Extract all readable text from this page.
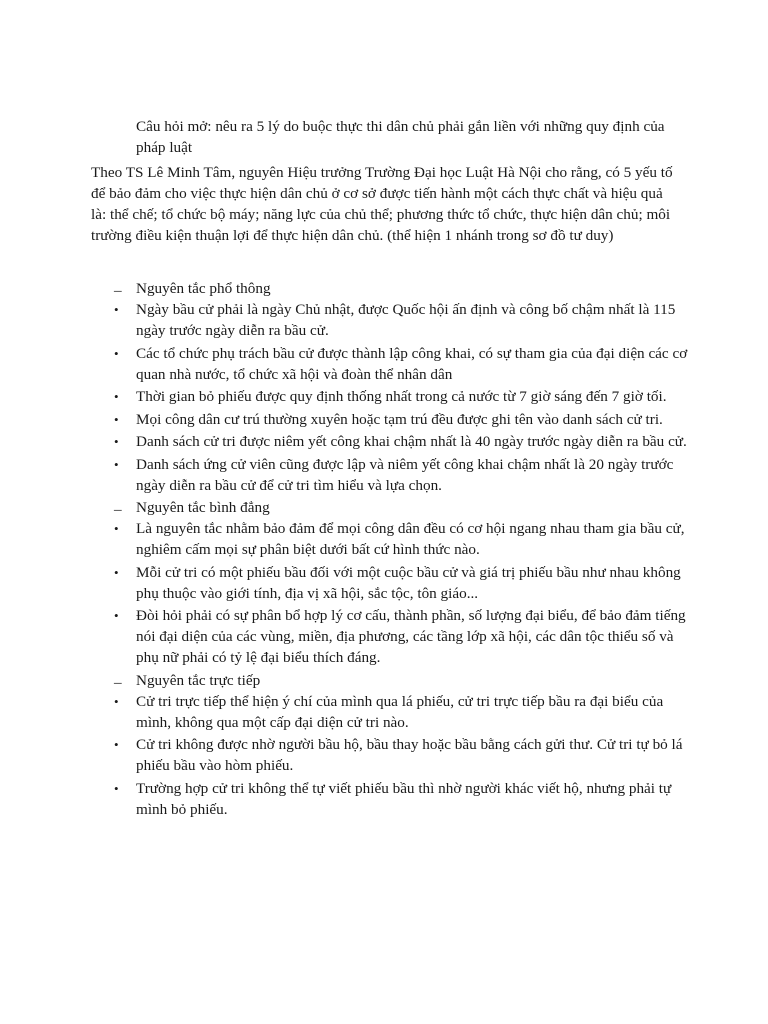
Câu hỏi mở: nêu ra 5 lý do buộc thực thi dân chủ phải gắn liền với những quy định của pháp luật

Theo TS Lê Minh Tâm, nguyên Hiệu trưởng Trường Đại học Luật Hà Nội cho rằng, có 5 yếu tố để bảo đảm cho việc thực hiện dân chủ ở cơ sở được tiến hành một cách thực chất và hiệu quả là: thể chế; tổ chức bộ máy; năng lực của chủ thể; phương thức tổ chức, thực hiện dân chủ; môi trường điều kiện thuận lợi để thực hiện dân chủ. (thể hiện 1 nhánh trong sơ đồ tư duy)

_ Nguyên tắc phổ thông
•	Ngày bầu cử phải là ngày Chủ nhật, được Quốc hội ấn định và công bố chậm nhất là 115 ngày trước ngày diễn ra bầu cử.
•	Các tổ chức phụ trách bầu cử được thành lập công khai, có sự tham gia của đại diện các cơ quan nhà nước, tổ chức xã hội và đoàn thể nhân dân
•	Thời gian bỏ phiếu được quy định thống nhất trong cả nước từ 7 giờ sáng đến 7 giờ tối.
•	Mọi công dân cư trú thường xuyên hoặc tạm trú đều được ghi tên vào danh sách cử tri.
•	Danh sách cử tri được niêm yết công khai chậm nhất là 40 ngày trước ngày diễn ra bầu cử.
•	Danh sách ứng cử viên cũng được lập và niêm yết công khai chậm nhất là 20 ngày trước ngày diễn ra bầu cử để cử tri tìm hiểu và lựa chọn.
_ Nguyên tắc bình đẳng
•	Là nguyên tắc nhằm bảo đảm để mọi công dân đều có cơ hội ngang nhau tham gia bầu cử, nghiêm cấm mọi sự phân biệt dưới bất cứ hình thức nào.
•	Mỗi cử tri có một phiếu bầu đối với một cuộc bầu cử và giá trị phiếu bầu như nhau không phụ thuộc vào giới tính, địa vị xã hội, sắc tộc, tôn giáo...
•	Đòi hỏi phải có sự phân bổ hợp lý cơ cấu, thành phần, số lượng đại biểu, để bảo đảm tiếng nói đại diện của các vùng, miền, địa phương, các tầng lớp xã hội, các dân tộc thiểu số và phụ nữ phải có tỷ lệ đại biểu thích đáng.
_ Nguyên tắc trực tiếp
•	Cử tri trực tiếp thể hiện ý chí của mình qua lá phiếu, cử tri trực tiếp bầu ra đại biểu của mình, không qua một cấp đại diện cử tri nào.
•	Cử tri không được nhờ người bầu hộ, bầu thay hoặc bầu bằng cách gửi thư. Cử tri tự bỏ lá phiếu bầu vào hòm phiếu.
•	Trường hợp cử tri không thể tự viết phiếu bầu thì nhờ người khác viết hộ, nhưng phải tự mình bỏ phiếu.
